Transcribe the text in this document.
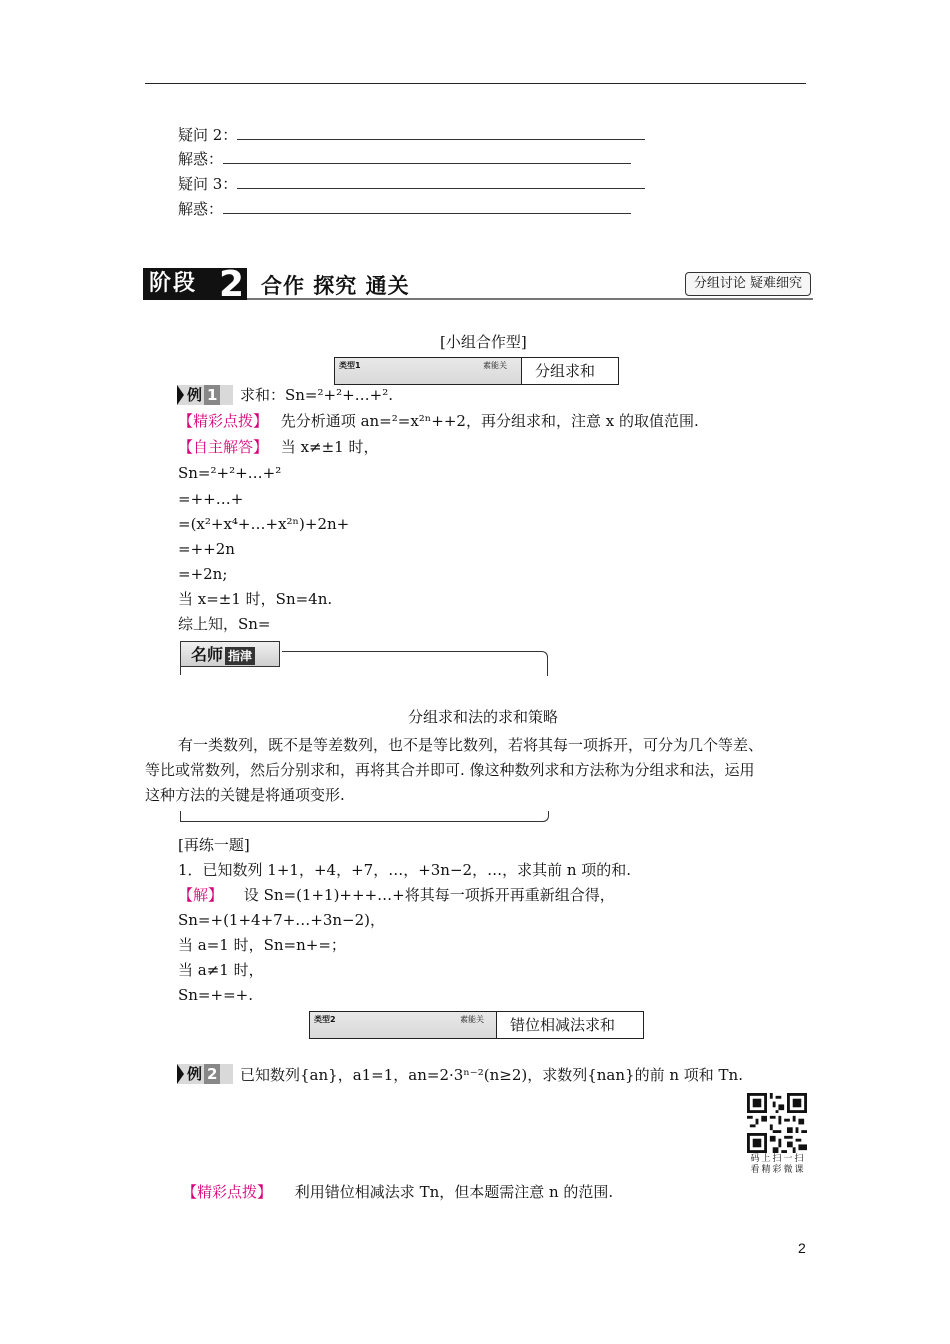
疑问 2：
解惑：
疑问 3：
解惑：
阶段 2 合作 探究 通关	分组讨论 疑难细究
[小组合作型]
类型1	素能关 分组求和
例 1	求和：Sn=²+²+…+².
【精彩点拨】 先分析通项 an=²=x²ⁿ++2，再分组求和，注意 x 的取值范围.
【自主解答】 当 x≠±1 时，
Sn=²+²+…+²
=++…+
=(x²+x⁴+…+x²ⁿ)+2n+
=++2n
=+2n;
当 x=±1 时，Sn=4n.
综上知，Sn=
名师 指津
分组求和法的求和策略
有一类数列，既不是等差数列，也不是等比数列，若将其每一项拆开，可分为几个等差、
等比或常数列，然后分别求和，再将其合并即可. 像这种数列求和方法称为分组求和法，运用
这种方法的关键是将通项变形.
[再练一题]
1．已知数列 1+1，+4，+7，…，+3n−2，…，求其前 n 项的和.
【解】 设 Sn=(1+1)+++…+将其每一项拆开再重新组合得，
Sn=+(1+4+7+…+3n−2)，
当 a=1 时，Sn=n+=；
当 a≠1 时，
Sn=+=+.
类型2	素能关 错位相减法求和
例 2	已知数列{an}，a1=1，an=2·3ⁿ⁻²(n≥2)，求数列{nan}的前 n 项和 Tn.
码上扫一扫
看精彩微课
【精彩点拨】 利用错位相减法求 Tn，但本题需注意 n 的范围.
2
